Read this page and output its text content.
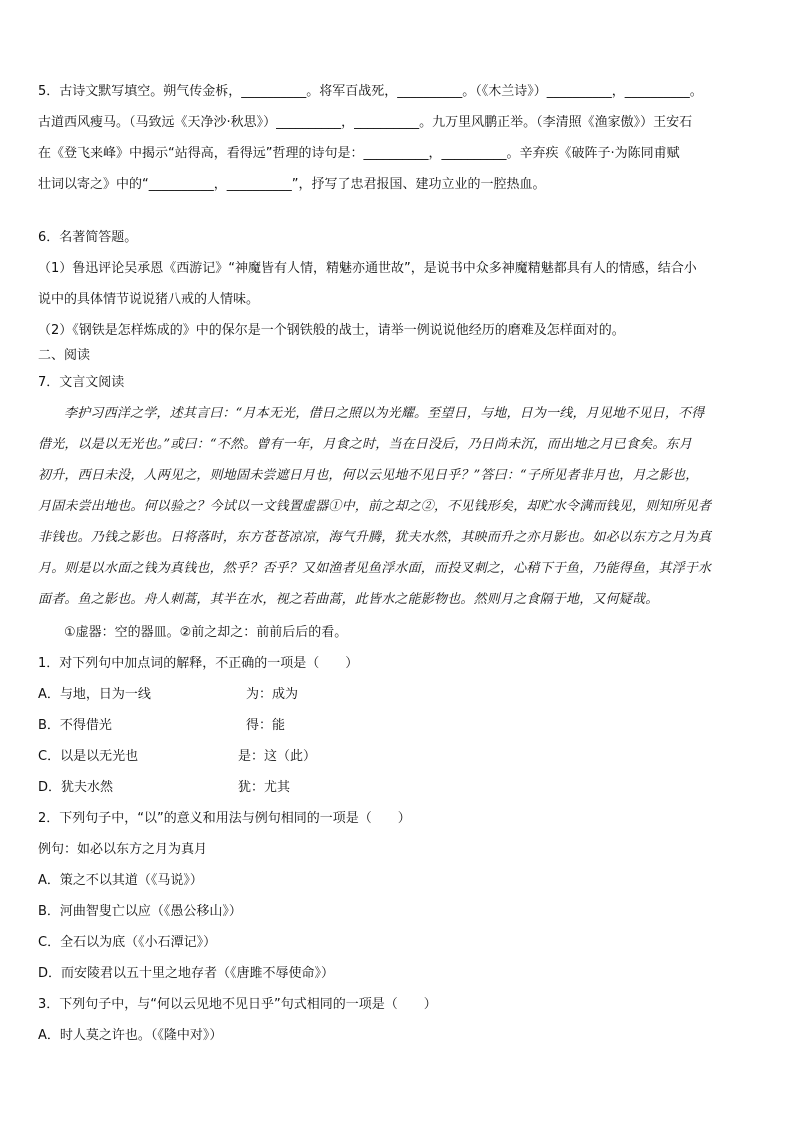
5．古诗文默写填空。朔气传金柝，__________。将军百战死，__________。（《木兰诗》）__________，__________。
古道西风瘦马。（马致远《天净沙·秋思》）__________，__________。九万里风鹏正举。（李清照《渔家傲》）王安石
在《登飞来峰》中揭示“站得高，看得远”哲理的诗句是：__________，__________。辛弃疾《破阵子·为陈同甫赋
壮词以寄之》中的“__________，__________”，抒写了忠君报国、建功立业的一腔热血。
6．名著简答题。
（1）鲁迅评论吴承恩《西游记》“神魔皆有人情，精魅亦通世故”，是说书中众多神魔精魅都具有人的情感，结合小
说中的具体情节说说猪八戒的人情味。
（2）《钢铁是怎样炼成的》中的保尔是一个钢铁般的战士，请举一例说说他经历的磨难及怎样面对的。
二、阅读
7．文言文阅读
李护习西洋之学，述其言曰：“月本无光，借日之照以为光耀。至望日，与地，日为一线，月见地不见日，不得
借光，以是以无光也。”或曰：“不然。曾有一年，月食之时，当在日没后，乃日尚未沉，而出地之月已食矣。东月
初升，西日未没，人两见之，则地固未尝遮日月也，何以云见地不见日乎？”答曰：“子所见者非月也，月之影也，
月固未尝出地也。何以验之？今试以一文钱置虚器①中，前之却之②，不见钱形矣，却贮水令满而钱见，则知所见者
非钱也。乃钱之影也。日将落时，东方苍苍凉凉，海气升腾，犹夫水然，其映而升之亦月影也。如必以东方之月为真
月。则是以水面之钱为真钱也，然乎？否乎？又如渔者见鱼浮水面，而投叉刺之，心稍下于鱼，乃能得鱼，其浮于水
面者。鱼之影也。舟人刺蒿，其半在水，视之若曲蒿，此皆水之能影物也。然则月之食隔于地，又何疑哉。
①虚器：空的器皿。②前之却之：前前后后的看。
1．对下列句中加点词的解释，不正确的一项是（　　）
A．与地，日为一线	为：成为
B．不得借光	得：能
C．以是以无光也	是：这（此）
D．犹夫水然	犹：尤其
2．下列句子中，“以”的意义和用法与例句相同的一项是（　　）
例句：如必以东方之月为真月
A．策之不以其道（《马说》）
B．河曲智叟亡以应（《愚公移山》）
C．全石以为底（《小石潭记》）
D．而安陵君以五十里之地存者（《唐雎不辱使命》）
3．下列句子中，与“何以云见地不见日乎”句式相同的一项是（　　）
A．时人莫之许也。（《隆中对》）
